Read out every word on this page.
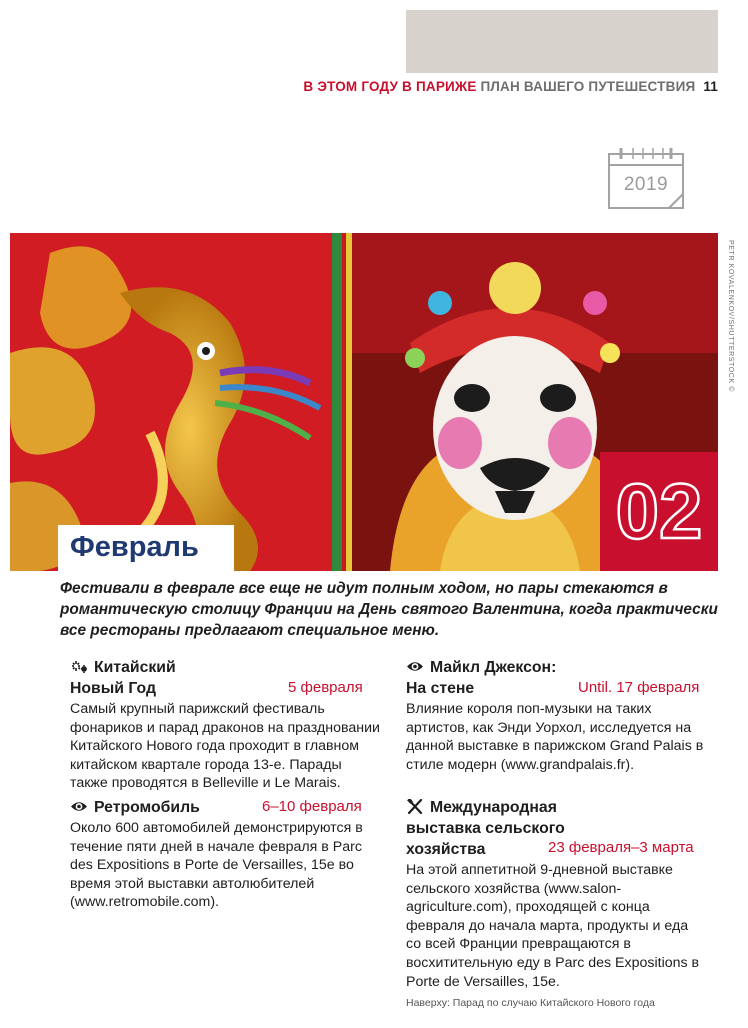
В ЭТОМ ГОДУ В ПАРИЖЕ ПЛАН ВАШЕГО ПУТЕШЕСТВИЯ 11
2019
PETR KOVALENKOV/SHUTTERSTOCK ©
02
Февраль
Фестивали в феврале все еще не идут полным ходом, но пары стекаются в романтическую столицу Франции на День святого Валентина, когда практически все рестораны предлагают специальное меню.
Китайский
Новый Год	5 февраля
Самый крупный парижский фестиваль фонариков и парад драконов на праздновании Китайского Нового года проходит в главном китайском квартале города 13-е. Парады также проводятся в Belleville и Le Marais.
Ретромобиль	6–10 февраля
Около 600 автомобилей демонстрируются в течение пяти дней в начале февраля в Parc des Expositions в Porte de Versailles, 15e во время этой выставки автолюбителей (www.retromobile.com).
Майкл Джексон:
На стене	Until. 17 февраля
Влияние короля поп-музыки на таких артистов, как Энди Уорхол, исследуется на данной выставке в парижском Grand Palais в стиле модерн (www.grandpalais.fr).
Международная
выставка сельского
хозяйства	23 февраля–3 марта
На этой аппетитной 9-дневной выставке сельского хозяйства (www.salon-agriculture.com), проходящей с конца февраля до начала марта, продукты и еда со всей Франции превращаются в восхитительную еду в Parc des Expositions в Porte de Versailles, 15e.
Наверху: Парад по случаю Китайского Нового года
